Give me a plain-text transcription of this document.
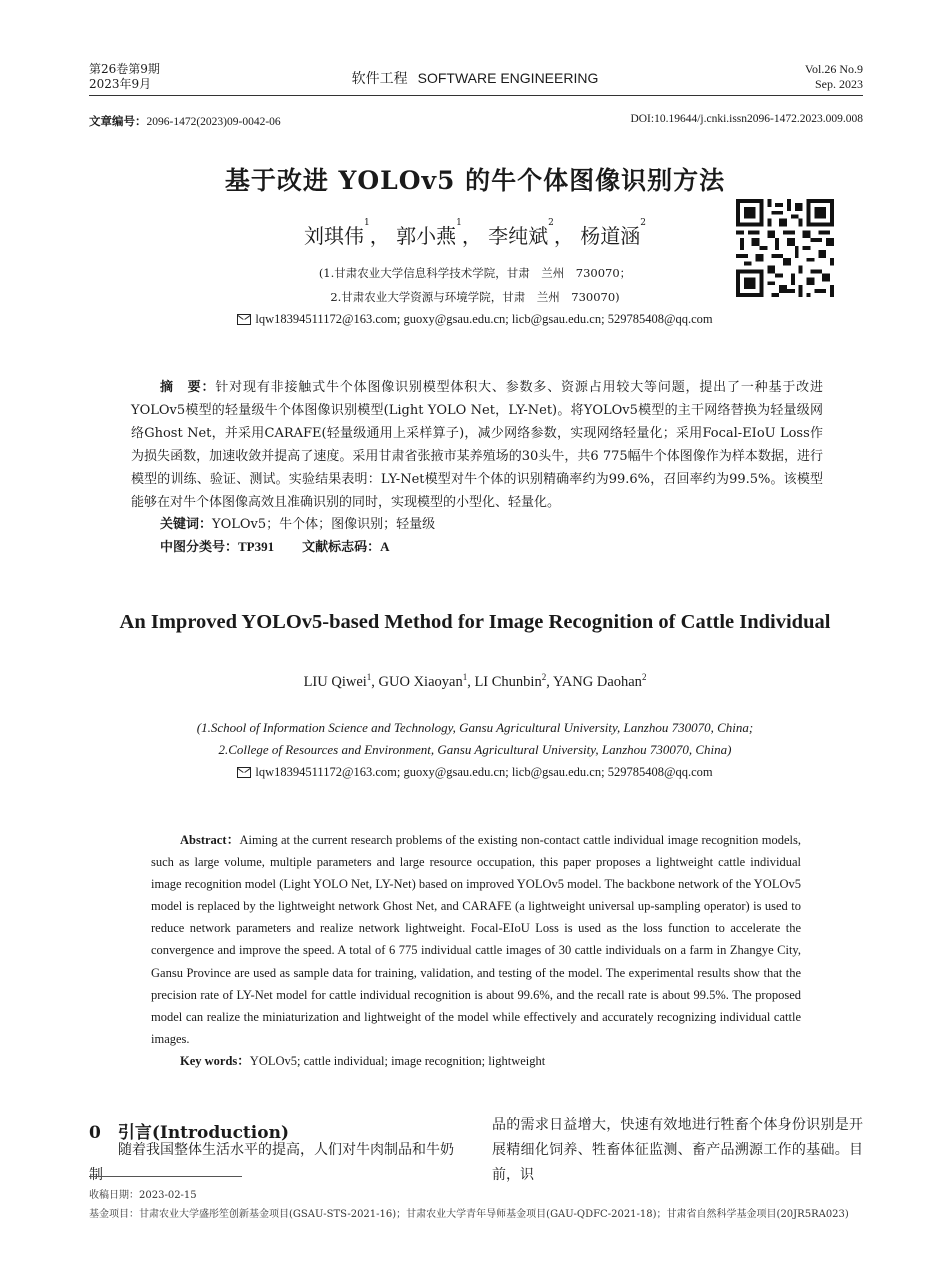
第26卷第9期
2023年9月	软件工程 SOFTWARE ENGINEERING
Vol.26 No.9
Sep. 2023
文章编号：2096-1472(2023)09-0042-06	DOI:10.19644/j.cnki.issn2096-1472.2023.009.008
基于改进 YOLOv5 的牛个体图像识别方法
刘琪伟$^1$， 郭小燕$^1$， 李纯斌$^2$， 杨道涵$^2$
(1.甘肃农业大学信息科学技术学院，甘肃　兰州　730070；
2.甘肃农业大学资源与环境学院，甘肃　兰州　730070)
lqw18394511172@163.com; guoxy@gsau.edu.cn; licb@gsau.edu.cn; 529785408@qq.com
摘　要：针对现有非接触式牛个体图像识别模型体积大、参数多、资源占用较大等问题，提出了一种基于改进YOLOv5模型的轻量级牛个体图像识别模型(Light YOLO Net，LY-Net)。将YOLOv5模型的主干网络替换为轻量级网络Ghost Net，并采用CARAFE(轻量级通用上采样算子)，减少网络参数，实现网络轻量化；采用Focal-EIoU Loss作为损失函数，加速收敛并提高了速度。采用甘肃省张掖市某养殖场的30头牛，共6 775幅牛个体图像作为样本数据，进行模型的训练、验证、测试。实验结果表明：LY-Net模型对牛个体的识别精确率约为99.6%，召回率约为99.5%。该模型能够在对牛个体图像高效且准确识别的同时，实现模型的小型化、轻量化。
关键词：YOLOv5；牛个体；图像识别；轻量级
中图分类号：TP391 文献标志码：A
An Improved YOLOv5-based Method for Image Recognition of Cattle Individual
LIU Qiwei$^1$, GUO Xiaoyan$^1$, LI Chunbin$^2$, YANG Daohan$^2$
(1.School of Information Science and Technology, Gansu Agricultural University, Lanzhou 730070, China;
2.College of Resources and Environment, Gansu Agricultural University, Lanzhou 730070, China)
lqw18394511172@163.com; guoxy@gsau.edu.cn; licb@gsau.edu.cn; 529785408@qq.com
Abstract：Aiming at the current research problems of the existing non-contact cattle individual image recognition models, such as large volume, multiple parameters and large resource occupation, this paper proposes a lightweight cattle individual image recognition model (Light YOLO Net, LY-Net) based on improved YOLOv5 model. The backbone network of the YOLOv5 model is replaced by the lightweight network Ghost Net, and CARAFE (a lightweight universal up-sampling operator) is used to reduce network parameters and realize network lightweight. Focal-EIoU Loss is used as the loss function to accelerate the convergence and improve the speed. A total of 6 775 individual cattle images of 30 cattle individuals on a farm in Zhangye City, Gansu Province are used as sample data for training, validation, and testing of the model. The experimental results show that the precision rate of LY-Net model for cattle individual recognition is about 99.6%, and the recall rate is about 99.5%. The proposed model can realize the miniaturization and lightweight of the model while effectively and accurately recognizing individual cattle images.
Key words：YOLOv5; cattle individual; image recognition; lightweight
0　引言(Introduction)
随着我国整体生活水平的提高，人们对牛肉制品和牛奶制
品的需求日益增大，快速有效地进行牲畜个体身份识别是开展精细化饲养、牲畜体征监测、畜产品溯源工作的基础。目前，识
收稿日期：2023-02-15
基金项目：甘肃农业大学盛彤笙创新基金项目(GSAU-STS-2021-16)；甘肃农业大学青年导师基金项目(GAU-QDFC-2021-18)；甘肃省自然科学基金项目(20JR5RA023)
